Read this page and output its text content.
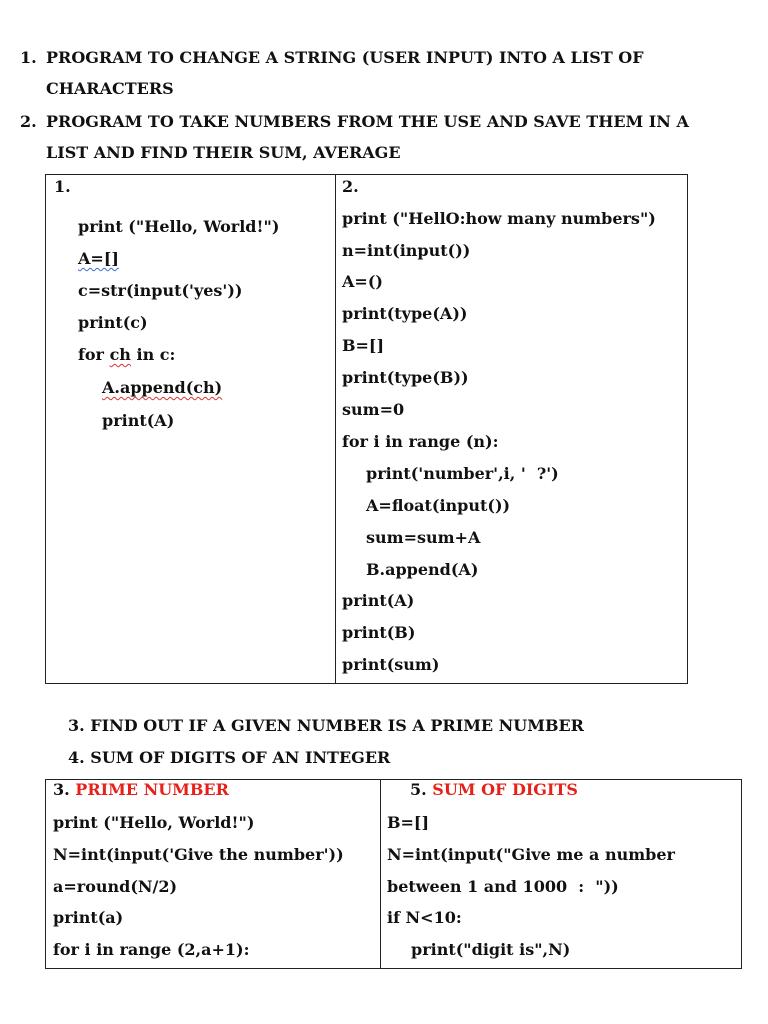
1. PROGRAM TO CHANGE A STRING (USER INPUT) INTO A LIST OF
CHARACTERS
2. PROGRAM TO TAKE NUMBERS FROM THE USE AND SAVE THEM IN A
LIST AND FIND THEIR SUM, AVERAGE
1.
print ("Hello, World!")
A=[]
c=str(input('yes'))
print(c)
for ch in c:
A.append(ch)
print(A)
2.
print ("HellO:how many numbers")
n=int(input())
A=()
print(type(A))
B=[]
print(type(B))
sum=0
for i in range (n):
print('number',i, '  ?')
A=float(input())
sum=sum+A
B.append(A)
print(A)
print(B)
print(sum)
3. FIND OUT IF A GIVEN NUMBER IS A PRIME NUMBER
4. SUM OF DIGITS OF AN INTEGER
3. PRIME NUMBER
print ("Hello, World!")
N=int(input('Give the number'))
a=round(N/2)
print(a)
for i in range (2,a+1):
5. SUM OF DIGITS
B=[]
N=int(input("Give me a number
between 1 and 1000  :  "))
if N<10:
print("digit is",N)
